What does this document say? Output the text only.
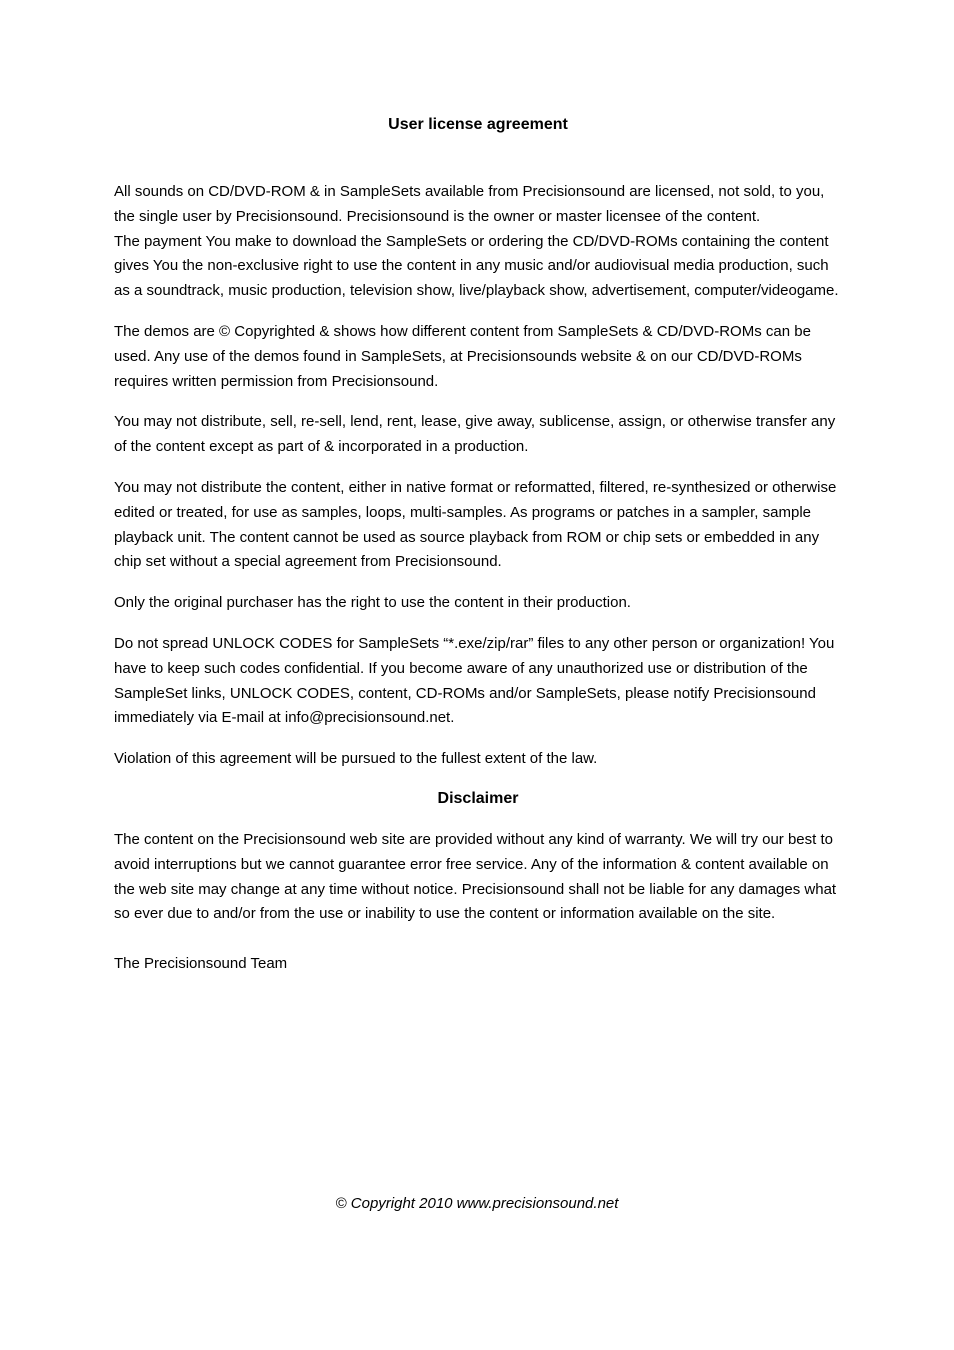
User license agreement

All sounds on CD/DVD-ROM & in SampleSets available from Precisionsound are licensed, not sold, to you, the single user by Precisionsound. Precisionsound is the owner or master licensee of the content.

The payment You make to download the SampleSets or ordering the CD/DVD-ROMs containing the content gives You the non-exclusive right to use the content in any music and/or audiovisual media production, such as a soundtrack, music production, television show, live/playback show, advertisement, computer/videogame.

The demos are © Copyrighted & shows how different content from SampleSets & CD/DVD-ROMs can be used. Any use of the demos found in SampleSets, at Precisionsounds website & on our CD/DVD-ROMs requires written permission from Precisionsound.

You may not distribute, sell, re-sell, lend, rent, lease, give away, sublicense, assign, or otherwise transfer any of the content except as part of & incorporated in a production.

You may not distribute the content, either in native format or reformatted, filtered, re-synthesized or otherwise edited or treated, for use as samples, loops, multi-samples. As programs or patches in a sampler, sample playback unit. The content cannot be used as source playback from ROM or chip sets or embedded in any chip set without a special agreement from Precisionsound.

Only the original purchaser has the right to use the content in their production.

Do not spread UNLOCK CODES for SampleSets “*.exe/zip/rar” files to any other person or organization! You have to keep such codes confidential. If you become aware of any unauthorized use or distribution of the SampleSet links, UNLOCK CODES, content, CD-ROMs and/or SampleSets, please notify Precisionsound immediately via E-mail at info@precisionsound.net.

Violation of this agreement will be pursued to the fullest extent of the law.

Disclaimer

The content on the Precisionsound web site are provided without any kind of warranty. We will try our best to avoid interruptions but we cannot guarantee error free service. Any of the information & content available on the web site may change at any time without notice. Precisionsound shall not be liable for any damages what so ever due to and/or from the use or inability to use the content or information available on the site.

The Precisionsound Team

© Copyright 2010 www.precisionsound.net
